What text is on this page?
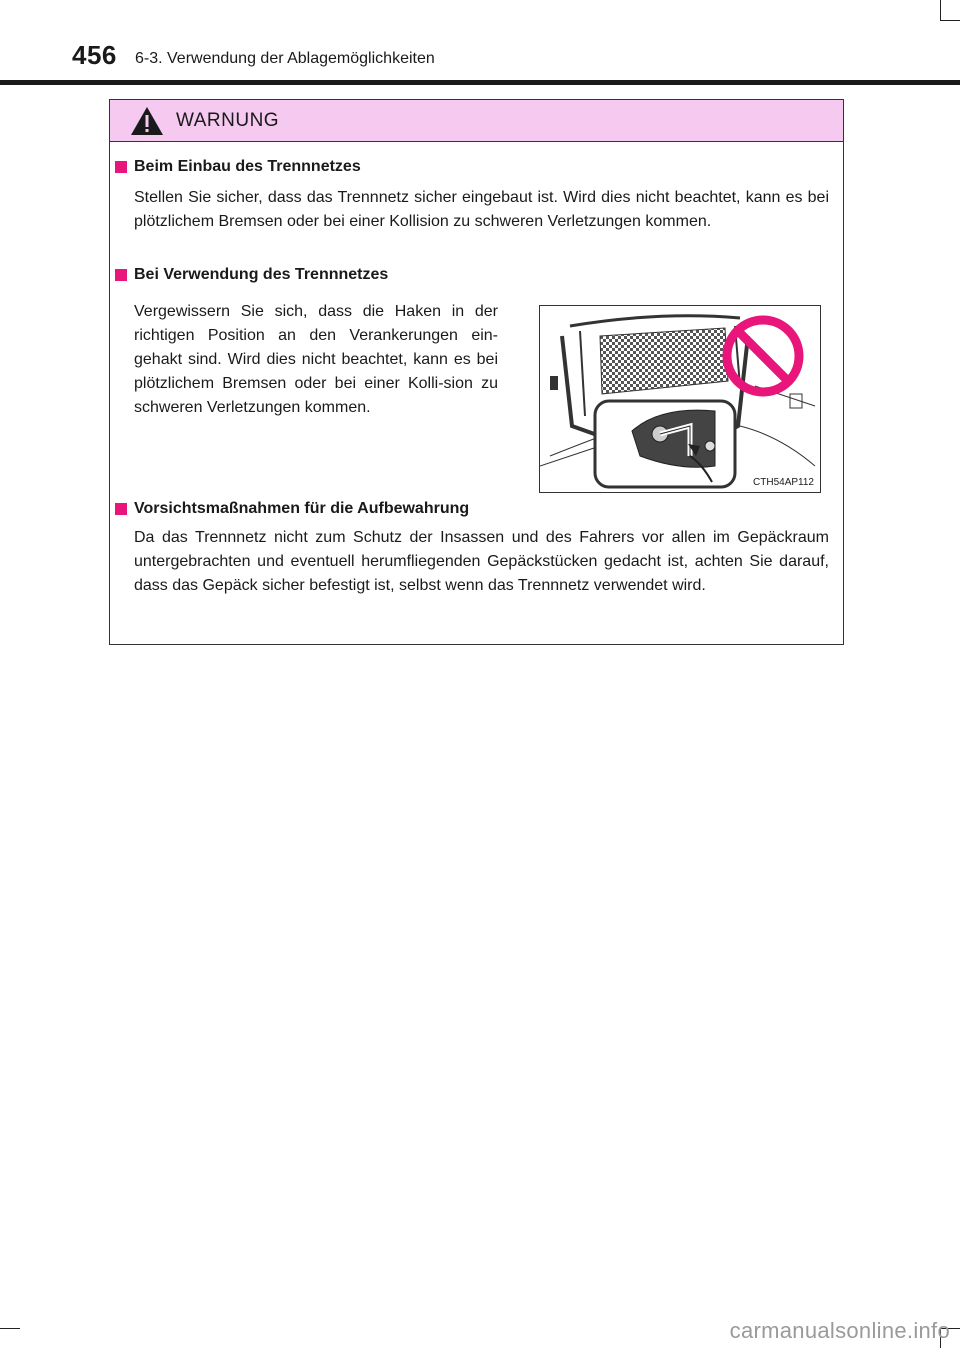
456 6-3. Verwendung der Ablagemöglichkeiten
WARNUNG
Beim Einbau des Trennnetzes
Stellen Sie sicher, dass das Trennnetz sicher eingebaut ist. Wird dies nicht beachtet, kann es bei plötzlichem Bremsen oder bei einer Kollision zu schweren Verletzungen kommen.
Bei Verwendung des Trennnetzes
Vergewissern Sie sich, dass die Haken in der richtigen Position an den Verankerungen ein-gehakt sind. Wird dies nicht beachtet, kann es bei plötzlichem Bremsen oder bei einer Kolli-sion zu schweren Verletzungen kommen.
CTH54AP112
Vorsichtsmaßnahmen für die Aufbewahrung
Da das Trennnetz nicht zum Schutz der Insassen und des Fahrers vor allen im Gepäckraum untergebrachten und eventuell herumfliegenden Gepäckstücken gedacht ist, achten Sie darauf, dass das Gepäck sicher befestigt ist, selbst wenn das Trennnetz verwendet wird.
carmanualsonline.info
